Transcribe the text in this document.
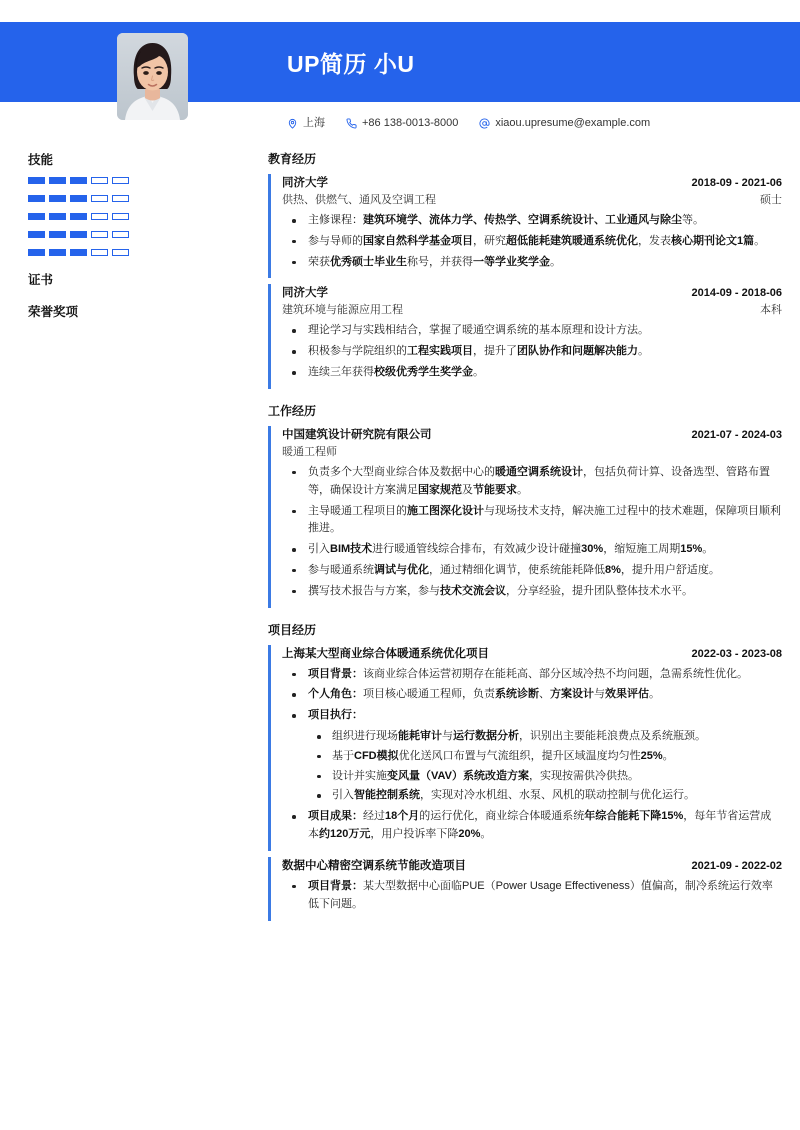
UP简历 小U
上海	+86 138-0013-8000	xiaou.upresume@example.com
技能
证书
荣誉奖项
教育经历
同济大学	2018-09 - 2021-06
供热、供燃气、通风及空调工程	硕士
主修课程：建筑环境学、流体力学、传热学、空调系统设计、工业通风与除尘等。
参与导师的国家自然科学基金项目，研究超低能耗建筑暖通系统优化，发表核心期刊论文1篇。
荣获优秀硕士毕业生称号，并获得一等学业奖学金。
同济大学	2014-09 - 2018-06
建筑环境与能源应用工程	本科
理论学习与实践相结合，掌握了暖通空调系统的基本原理和设计方法。
积极参与学院组织的工程实践项目，提升了团队协作和问题解决能力。
连续三年获得校级优秀学生奖学金。
工作经历
中国建筑设计研究院有限公司	2021-07 - 2024-03
暖通工程师
负责多个大型商业综合体及数据中心的暖通空调系统设计，包括负荷计算、设备选型、管路布置等，确保设计方案满足国家规范及节能要求。
主导暖通工程项目的施工图深化设计与现场技术支持，解决施工过程中的技术难题，保障项目顺利推进。
引入BIM技术进行暖通管线综合排布，有效减少设计碰撞30%，缩短施工周期15%。
参与暖通系统调试与优化，通过精细化调节，使系统能耗降低8%，提升用户舒适度。
撰写技术报告与方案，参与技术交流会议，分享经验，提升团队整体技术水平。
项目经历
上海某大型商业综合体暖通系统优化项目	2022-03 - 2023-08
项目背景：该商业综合体运营初期存在能耗高、部分区域冷热不均问题，急需系统性优化。
个人角色：项目核心暖通工程师，负责系统诊断、方案设计与效果评估。
项目执行：
组织进行现场能耗审计与运行数据分析，识别出主要能耗浪费点及系统瓶颈。
基于CFD模拟优化送风口布置与气流组织，提升区域温度均匀性25%。
设计并实施变风量（VAV）系统改造方案，实现按需供冷供热。
引入智能控制系统，实现对冷水机组、水泵、风机的联动控制与优化运行。
项目成果：经过18个月的运行优化，商业综合体暖通系统年综合能耗下降15%，每年节省运营成本约120万元，用户投诉率下降20%。
数据中心精密空调系统节能改造项目	2021-09 - 2022-02
项目背景：某大型数据中心面临PUE（Power Usage Effectiveness）值偏高，制冷系统运行效率低下问题。
